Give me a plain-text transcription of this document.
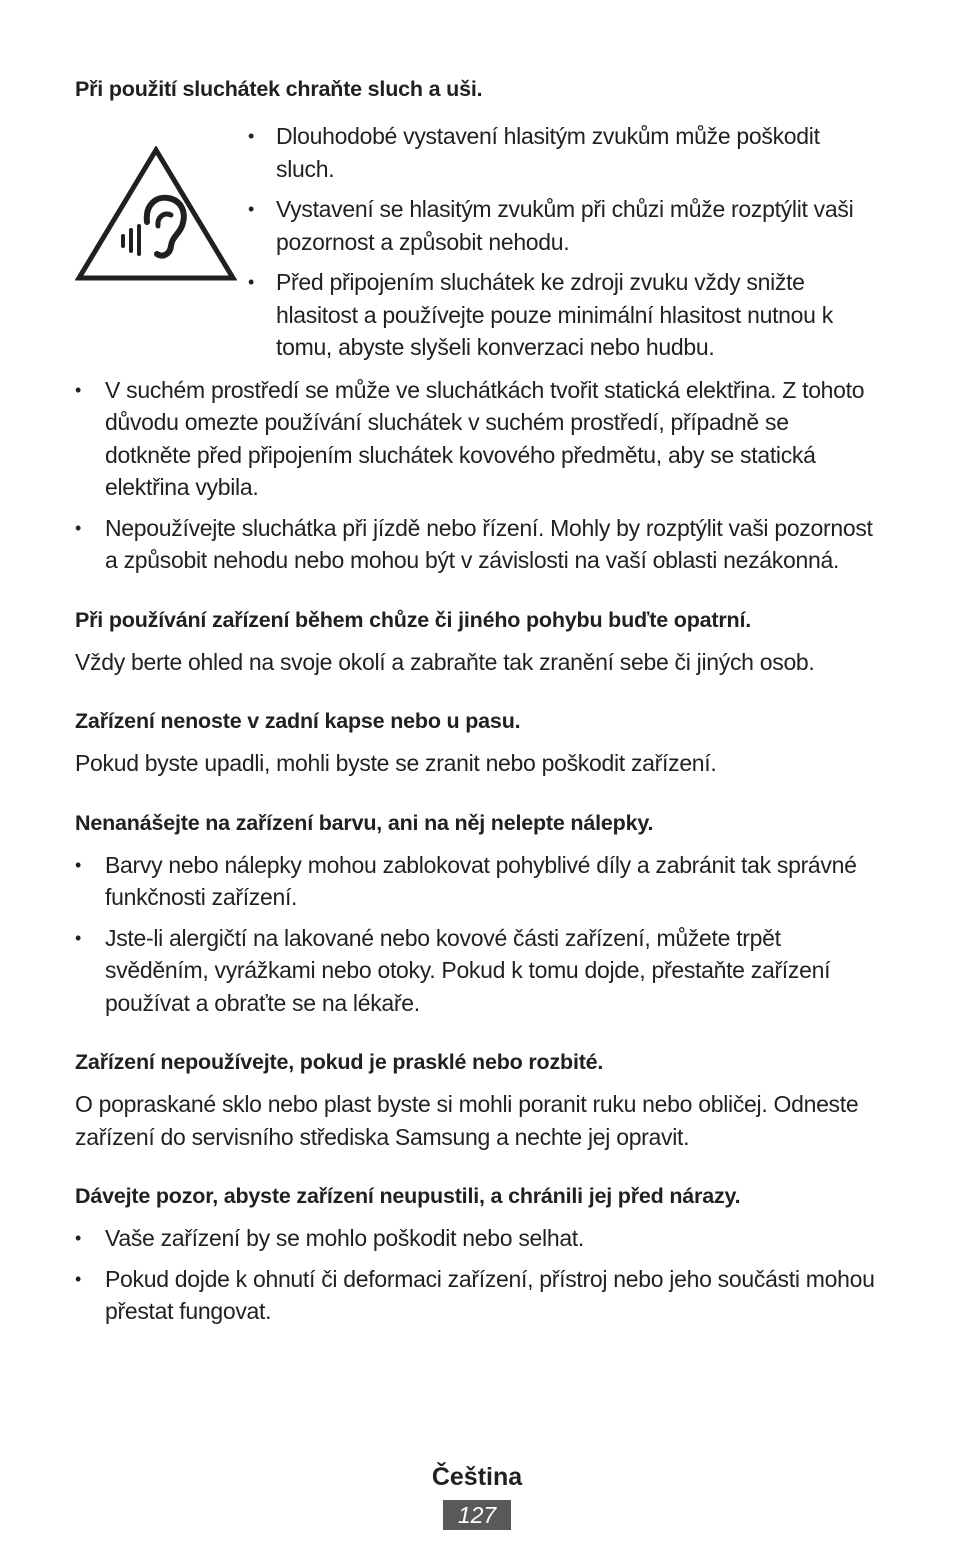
Při použití sluchátek chraňte sluch a uši.
• Dlouhodobé vystavení hlasitým zvukům může poškodit sluch.
• Vystavení se hlasitým zvukům při chůzi může rozptýlit vaši pozornost a způsobit nehodu.
• Před připojením sluchátek ke zdroji zvuku vždy snižte hlasitost a používejte pouze minimální hlasitost nutnou k tomu, abyste slyšeli konverzaci nebo hudbu.
• V suchém prostředí se může ve sluchátkách tvořit statická elektřina. Z tohoto důvodu omezte používání sluchátek v suchém prostředí, případně se dotkněte před připojením sluchátek kovového předmětu, aby se statická elektřina vybila.
• Nepoužívejte sluchátka při jízdě nebo řízení. Mohly by rozptýlit vaši pozornost a způsobit nehodu nebo mohou být v závislosti na vaší oblasti nezákonná.
Při používání zařízení během chůze či jiného pohybu buďte opatrní.

Vždy berte ohled na svoje okolí a zabraňte tak zranění sebe či jiných osob.

Zařízení nenoste v zadní kapse nebo u pasu.

Pokud byste upadli, mohli byste se zranit nebo poškodit zařízení.

Nenanášejte na zařízení barvu, ani na něj nelepte nálepky.
• Barvy nebo nálepky mohou zablokovat pohyblivé díly a zabránit tak správné funkčnosti zařízení.
• Jste-li alergičtí na lakované nebo kovové části zařízení, můžete trpět svěděním, vyrážkami nebo otoky. Pokud k tomu dojde, přestaňte zařízení používat a obraťte se na lékaře.
Zařízení nepoužívejte, pokud je prasklé nebo rozbité.

O popraskané sklo nebo plast byste si mohli poranit ruku nebo obličej. Odneste zařízení do servisního střediska Samsung a nechte jej opravit.

Dávejte pozor, abyste zařízení neupustili, a chránili jej před nárazy.
• Vaše zařízení by se mohlo poškodit nebo selhat.
• Pokud dojde k ohnutí či deformaci zařízení, přístroj nebo jeho součásti mohou přestat fungovat.
Čeština
127
